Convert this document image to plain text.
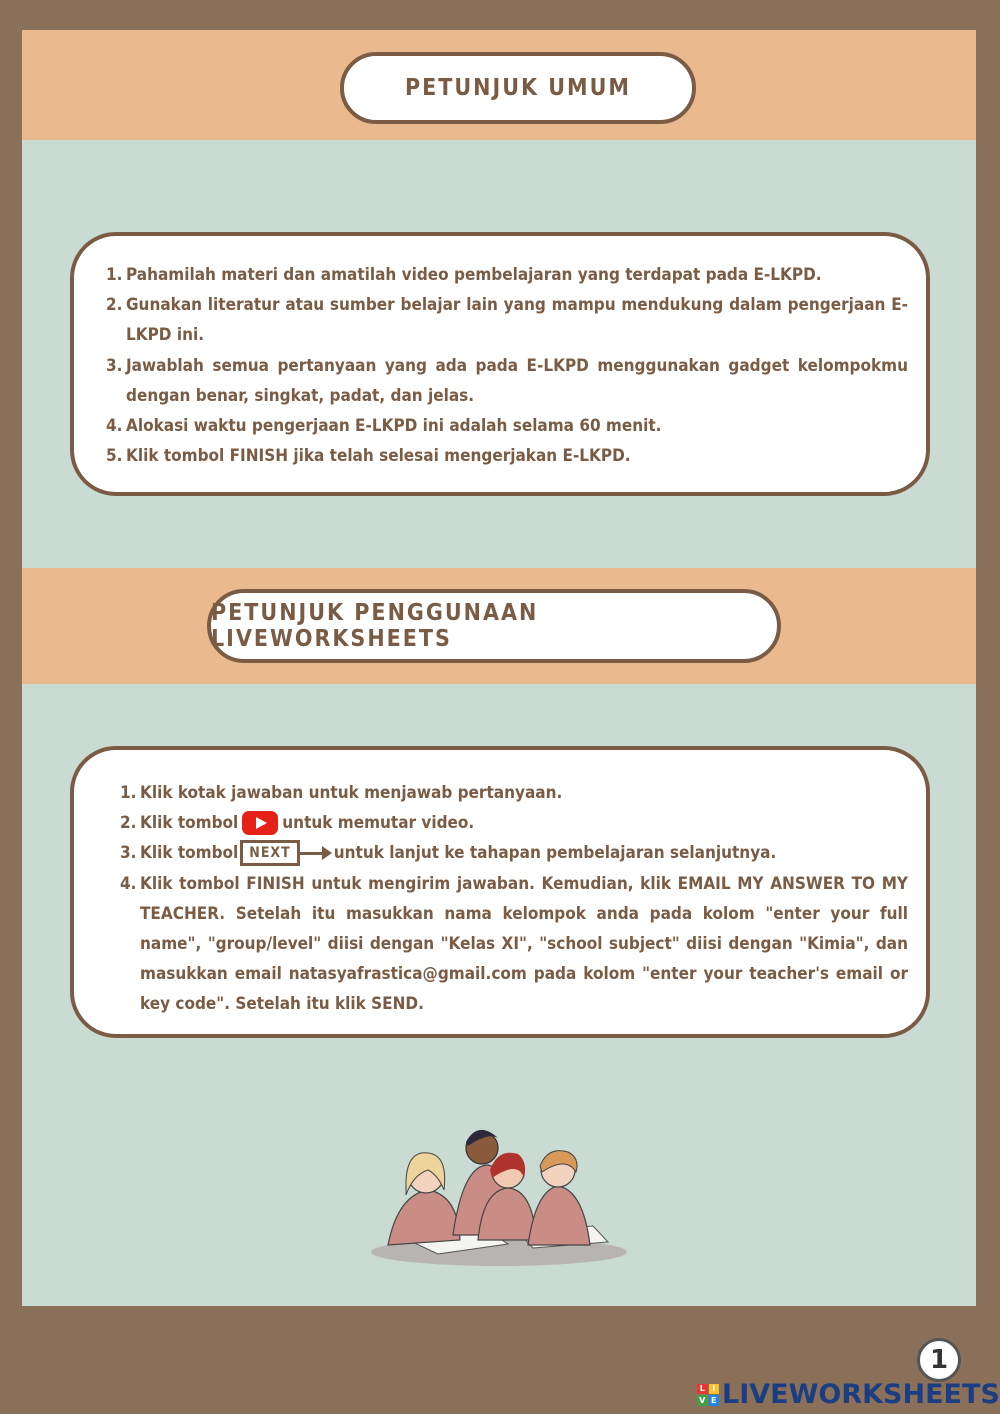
PETUNJUK UMUM
1. Pahamilah materi dan amatilah video pembelajaran yang terdapat pada E-LKPD.
2. Gunakan literatur atau sumber belajar lain yang mampu mendukung dalam pengerjaan E-LKPD ini.
3. Jawablah semua pertanyaan yang ada pada E-LKPD menggunakan gadget kelompokmu dengan benar, singkat, padat, dan jelas.
4. Alokasi waktu pengerjaan E-LKPD ini adalah selama 60 menit.
5. Klik tombol FINISH jika telah selesai mengerjakan E-LKPD.
PETUNJUK PENGGUNAAN LIVEWORKSHEETS
1. Klik kotak jawaban untuk menjawab pertanyaan.
2. Klik tombol	untuk memutar video.
3. Klik tombol NEXT	untuk lanjut ke tahapan pembelajaran selanjutnya.
4. Klik tombol FINISH untuk mengirim jawaban. Kemudian, klik EMAIL MY ANSWER TO MY TEACHER. Setelah itu masukkan nama kelompok anda pada kolom "enter your full name", "group/level" diisi dengan "Kelas XI", "school subject" diisi dengan "Kimia", dan masukkan email natasyafrastica@gmail.com pada kolom "enter your teacher's email or key code". Setelah itu klik SEND.
1
L I
V E LIVEWORKSHEETS
